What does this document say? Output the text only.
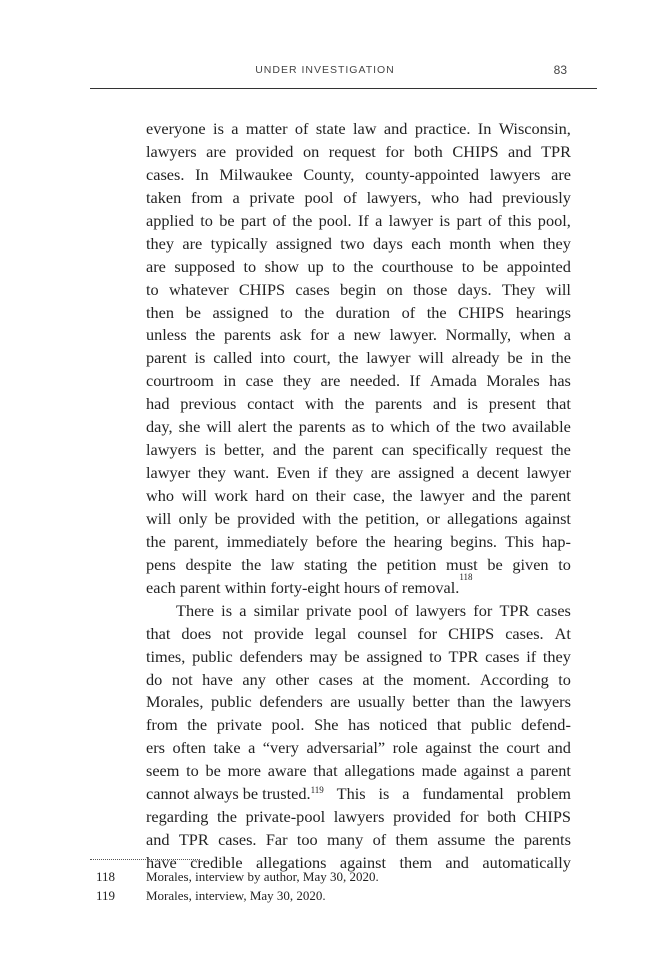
UNDER INVESTIGATION	83
everyone is a matter of state law and practice. In Wisconsin,
lawyers are provided on request for both CHIPS and TPR
cases. In Milwaukee County, county-appointed lawyers are
taken from a private pool of lawyers, who had previously
applied to be part of the pool. If a lawyer is part of this pool,
they are typically assigned two days each month when they
are supposed to show up to the courthouse to be appointed
to whatever CHIPS cases begin on those days. They will
then be assigned to the duration of the CHIPS hearings
unless the parents ask for a new lawyer. Normally, when a
parent is called into court, the lawyer will already be in the
courtroom in case they are needed. If Amada Morales has
had previous contact with the parents and is present that
day, she will alert the parents as to which of the two available
lawyers is better, and the parent can specifically request the
lawyer they want. Even if they are assigned a decent lawyer
who will work hard on their case, the lawyer and the parent
will only be provided with the petition, or allegations against
the parent, immediately before the hearing begins. This hap-
pens despite the law stating the petition must be given to
each parent within forty-eight hours of removal.
118
There is a similar private pool of lawyers for TPR cases
that does not provide legal counsel for CHIPS cases. At
times, public defenders may be assigned to TPR cases if they
do not have any other cases at the moment. According to
Morales, public defenders are usually better than the lawyers
from the private pool. She has noticed that public defend-
ers often take a “very adversarial” role against the court and
seem to be more aware that allegations made against a parent
cannot always be trusted.$^{119}$ This is a fundamental problem
regarding the private-pool lawyers provided for both CHIPS
and TPR cases. Far too many of them assume the parents
have credible allegations against them and automatically
118 Morales, interview by author, May 30, 2020.
119 Morales, interview, May 30, 2020.
